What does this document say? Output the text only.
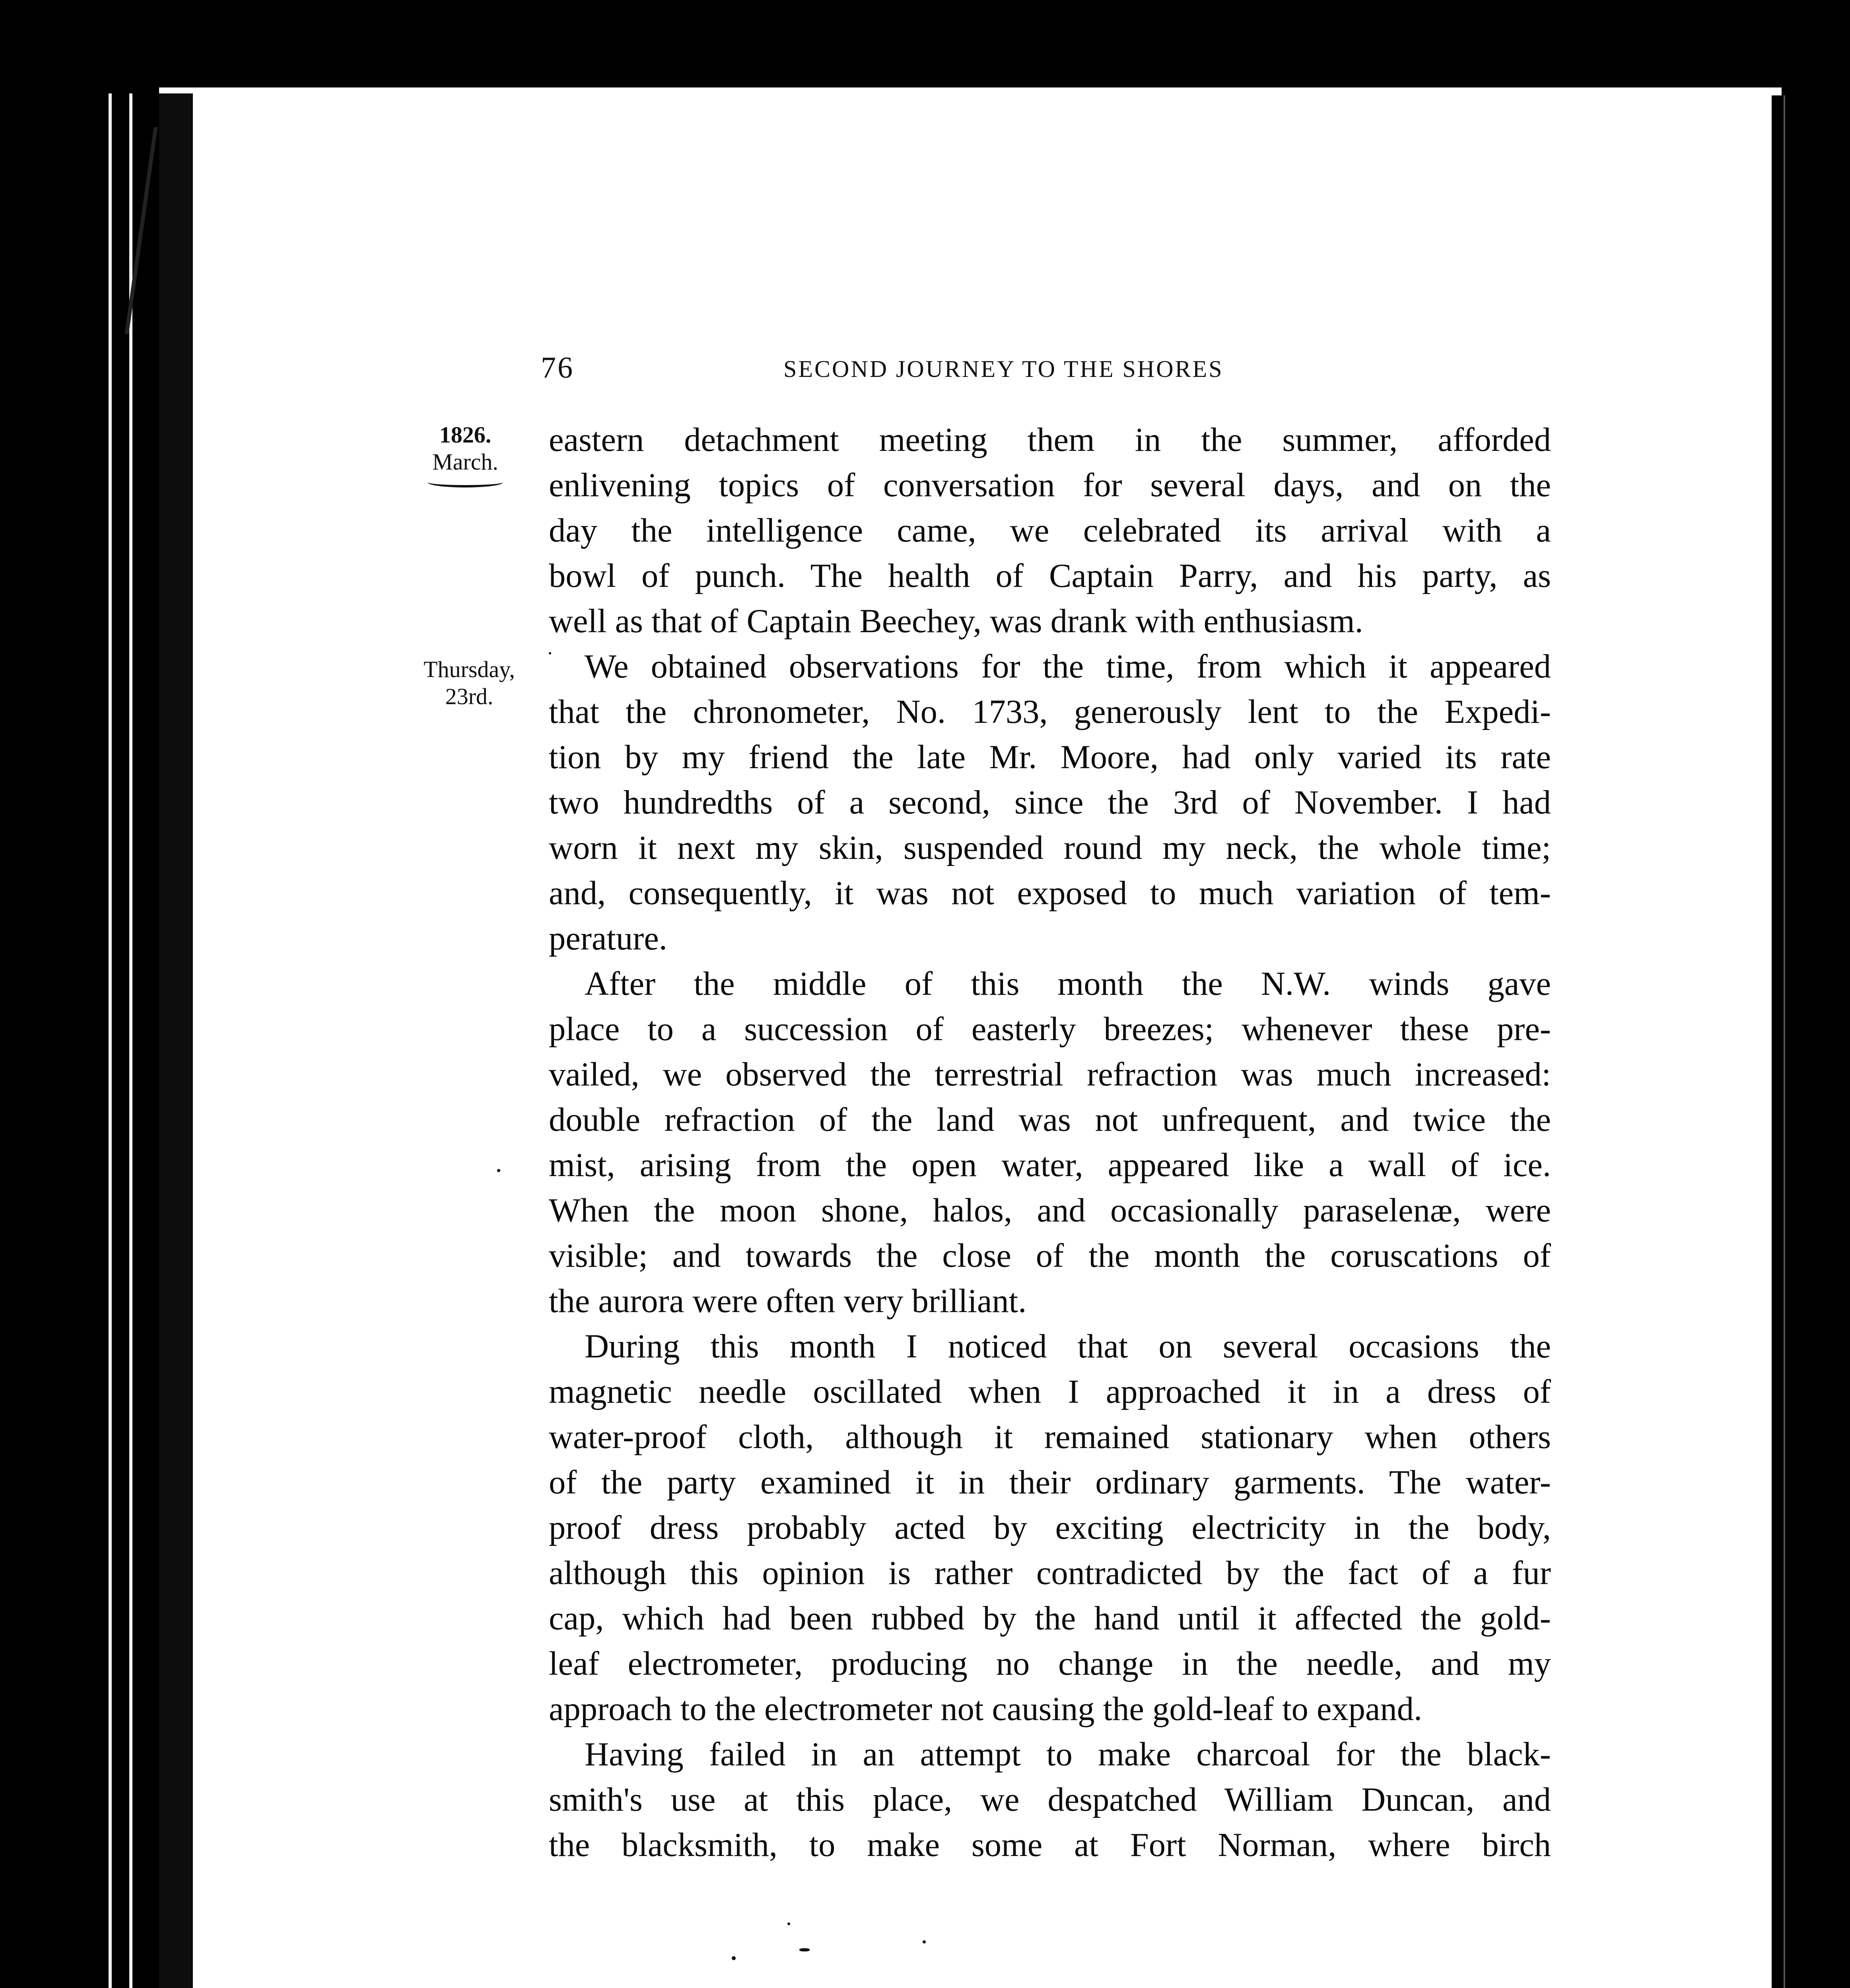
76	SECOND JOURNEY TO THE SHORES
1826.
March.
Thursday,
23rd.
eastern detachment meeting them in the summer, afforded
enlivening topics of conversation for several days, and on the
day the intelligence came, we celebrated its arrival with a
bowl of punch. The health of Captain Parry, and his party, as
well as that of Captain Beechey, was drank with enthusiasm.
We obtained observations for the time, from which it appeared
that the chronometer, No. 1733, generously lent to the Expedi-
tion by my friend the late Mr. Moore, had only varied its rate
two hundredths of a second, since the 3rd of November. I had
worn it next my skin, suspended round my neck, the whole time;
and, consequently, it was not exposed to much variation of tem-
perature.
After the middle of this month the N.W. winds gave
place to a succession of easterly breezes; whenever these pre-
vailed, we observed the terrestrial refraction was much increased:
double refraction of the land was not unfrequent, and twice the
mist, arising from the open water, appeared like a wall of ice.
When the moon shone, halos, and occasionally paraselenæ, were
visible; and towards the close of the month the coruscations of
the aurora were often very brilliant.
During this month I noticed that on several occasions the
magnetic needle oscillated when I approached it in a dress of
water-proof cloth, although it remained stationary when others
of the party examined it in their ordinary garments. The water-
proof dress probably acted by exciting electricity in the body,
although this opinion is rather contradicted by the fact of a fur
cap, which had been rubbed by the hand until it affected the gold-
leaf electrometer, producing no change in the needle, and my
approach to the electrometer not causing the gold-leaf to expand.
Having failed in an attempt to make charcoal for the black-
smith's use at this place, we despatched William Duncan, and
the blacksmith, to make some at Fort Norman, where birch
